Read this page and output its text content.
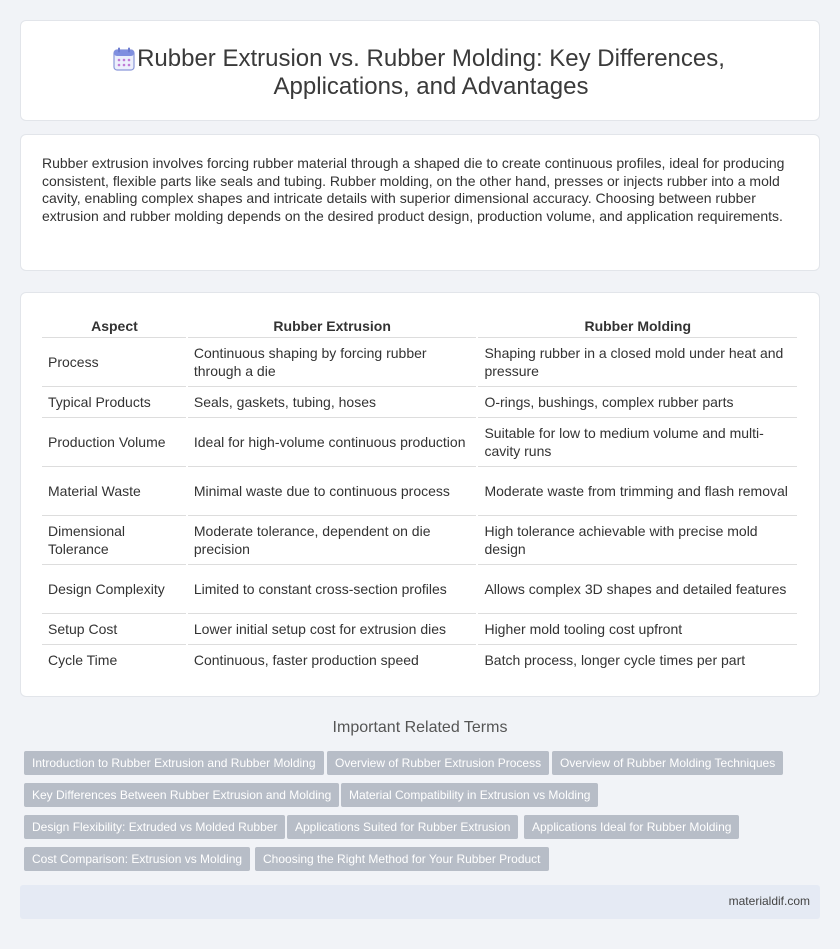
Rubber Extrusion vs. Rubber Molding: Key Differences, Applications, and Advantages

Rubber extrusion involves forcing rubber material through a shaped die to create continuous profiles, ideal for producing consistent, flexible parts like seals and tubing. Rubber molding, on the other hand, presses or injects rubber into a mold cavity, enabling complex shapes and intricate details with superior dimensional accuracy. Choosing between rubber extrusion and rubber molding depends on the desired product design, production volume, and application requirements.

Aspect	Rubber Extrusion	Rubber Molding
Process	Continuous shaping by forcing rubber through a die	Shaping rubber in a closed mold under heat and pressure
Typical Products	Seals, gaskets, tubing, hoses	O-rings, bushings, complex rubber parts
Production Volume	Ideal for high-volume continuous production	Suitable for low to medium volume and multi-cavity runs
Material Waste	Minimal waste due to continuous process	Moderate waste from trimming and flash removal
Dimensional Tolerance	Moderate tolerance, dependent on die precision	High tolerance achievable with precise mold design
Design Complexity	Limited to constant cross-section profiles	Allows complex 3D shapes and detailed features
Setup Cost	Lower initial setup cost for extrusion dies	Higher mold tooling cost upfront
Cycle Time	Continuous, faster production speed	Batch process, longer cycle times per part
Important Related Terms
Introduction to Rubber Extrusion and Rubber Molding	Overview of Rubber Extrusion Process	Overview of Rubber Molding Techniques
Key Differences Between Rubber Extrusion and Molding	Material Compatibility in Extrusion vs Molding
Design Flexibility: Extruded vs Molded Rubber	Applications Suited for Rubber Extrusion	Applications Ideal for Rubber Molding
Cost Comparison: Extrusion vs Molding	Choosing the Right Method for Your Rubber Product
materialdif.com
